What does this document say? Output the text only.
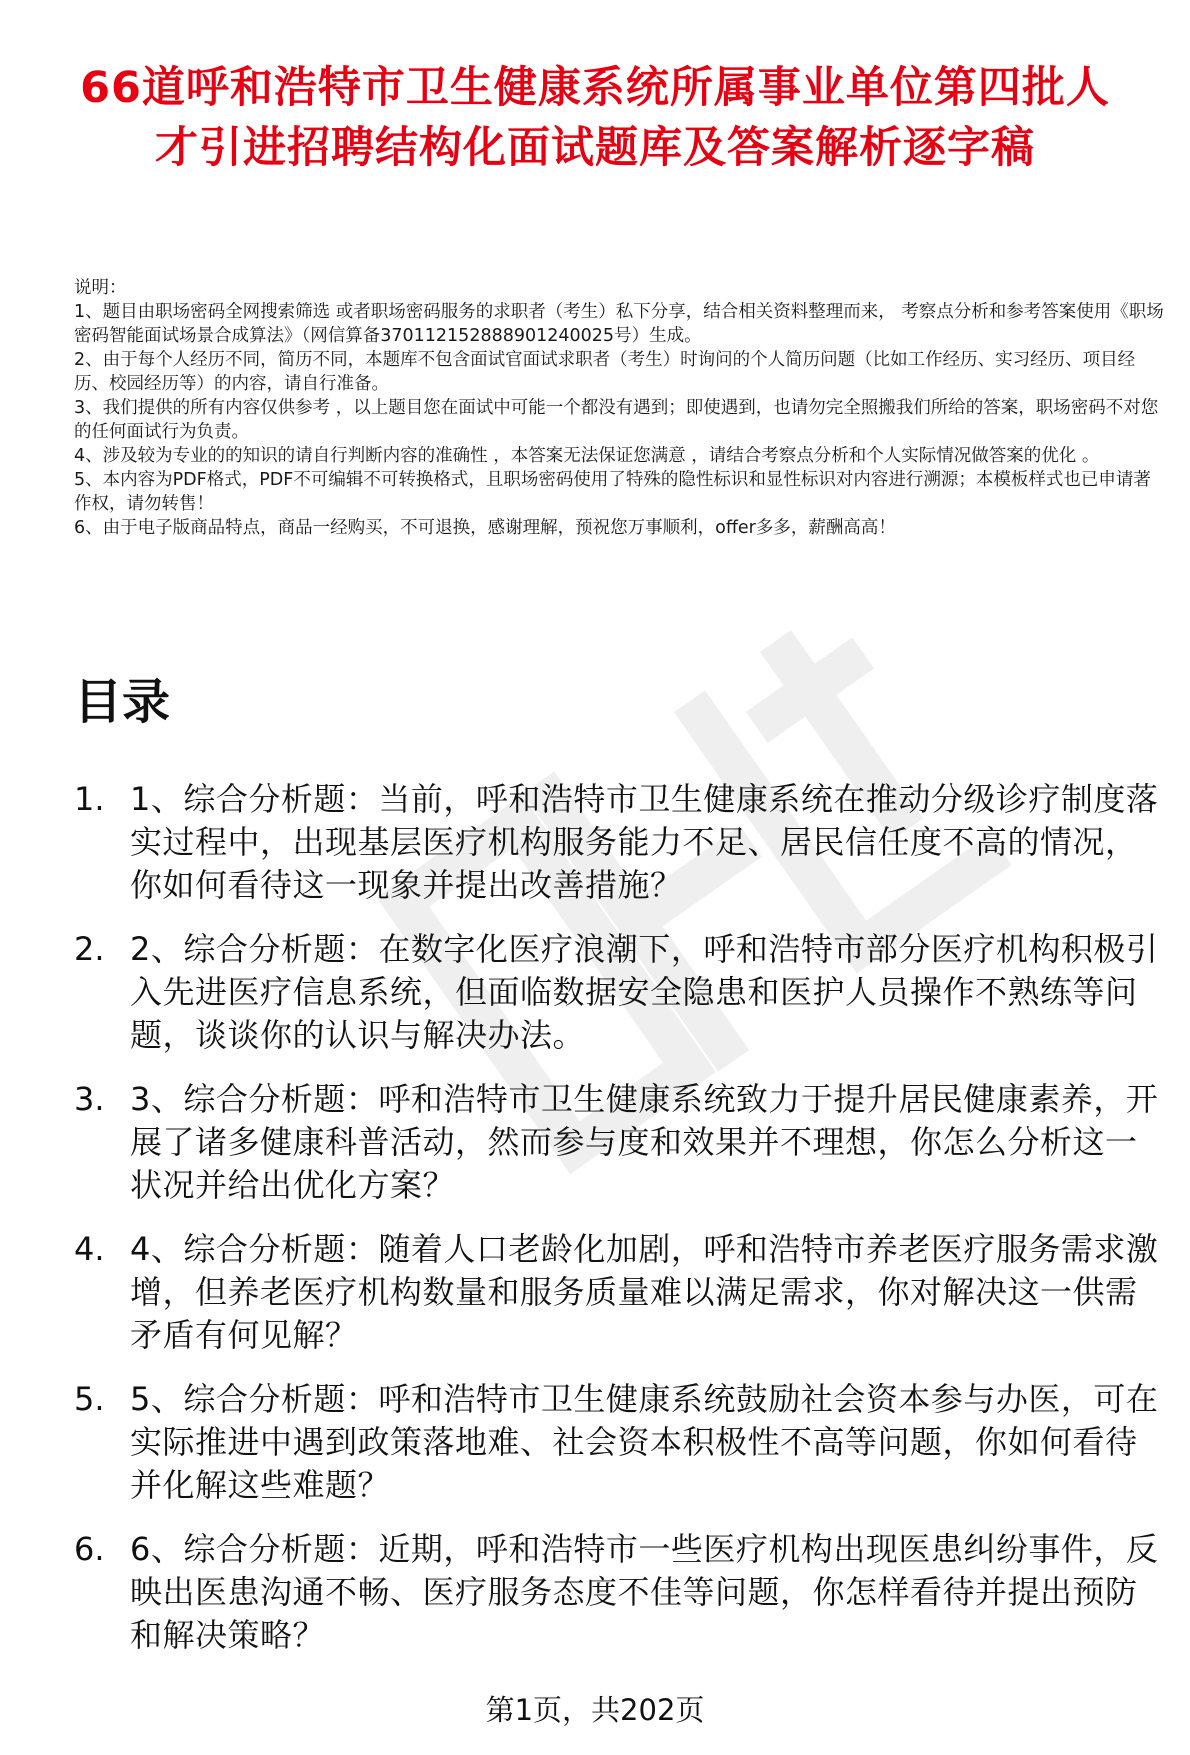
66道呼和浩特市卫生健康系统所属事业单位第四批人才引进招聘结构化面试题库及答案解析逐字稿
说明：
1、题目由职场密码全网搜索筛选 或者职场密码服务的求职者（考生）私下分享，结合相关资料整理而来， 考察点分析和参考答案使用《职场密码智能面试场景合成算法》（网信算备370112152888901240025号）生成。
2、由于每个人经历不同，简历不同，本题库不包含面试官面试求职者（考生）时询问的个人简历问题（比如工作经历、实习经历、项目经历、校园经历等）的内容，请自行准备。
3、我们提供的所有内容仅供参考 ，以上题目您在面试中可能一个都没有遇到；即使遇到，也请勿完全照搬我们所给的答案，职场密码不对您的任何面试行为负责。
4、涉及较为专业的的知识的请自行判断内容的准确性 ，本答案无法保证您满意 ，请结合考察点分析和个人实际情况做答案的优化 。
5、本内容为PDF格式，PDF不可编辑不可转换格式，且职场密码使用了特殊的隐性标识和显性标识对内容进行溯源；本模板样式也已申请著作权，请勿转售！
6、由于电子版商品特点，商品一经购买，不可退换，感谢理解，预祝您万事顺利，offer多多，薪酬高高！
目录
1. 1、综合分析题：当前，呼和浩特市卫生健康系统在推动分级诊疗制度落实过程中，出现基层医疗机构服务能力不足、居民信任度不高的情况，你如何看待这一现象并提出改善措施？
2. 2、综合分析题：在数字化医疗浪潮下，呼和浩特市部分医疗机构积极引入先进医疗信息系统，但面临数据安全隐患和医护人员操作不熟练等问题，谈谈你的认识与解决办法。
3. 3、综合分析题：呼和浩特市卫生健康系统致力于提升居民健康素养，开展了诸多健康科普活动，然而参与度和效果并不理想，你怎么分析这一状况并给出优化方案？
4. 4、综合分析题：随着人口老龄化加剧，呼和浩特市养老医疗服务需求激增，但养老医疗机构数量和服务质量难以满足需求，你对解决这一供需矛盾有何见解？
5. 5、综合分析题：呼和浩特市卫生健康系统鼓励社会资本参与办医，可在实际推进中遇到政策落地难、社会资本积极性不高等问题，你如何看待并化解这些难题？
6. 6、综合分析题：近期，呼和浩特市一些医疗机构出现医患纠纷事件，反映出医患沟通不畅、医疗服务态度不佳等问题，你怎样看待并提出预防和解决策略？
第1页，共202页
